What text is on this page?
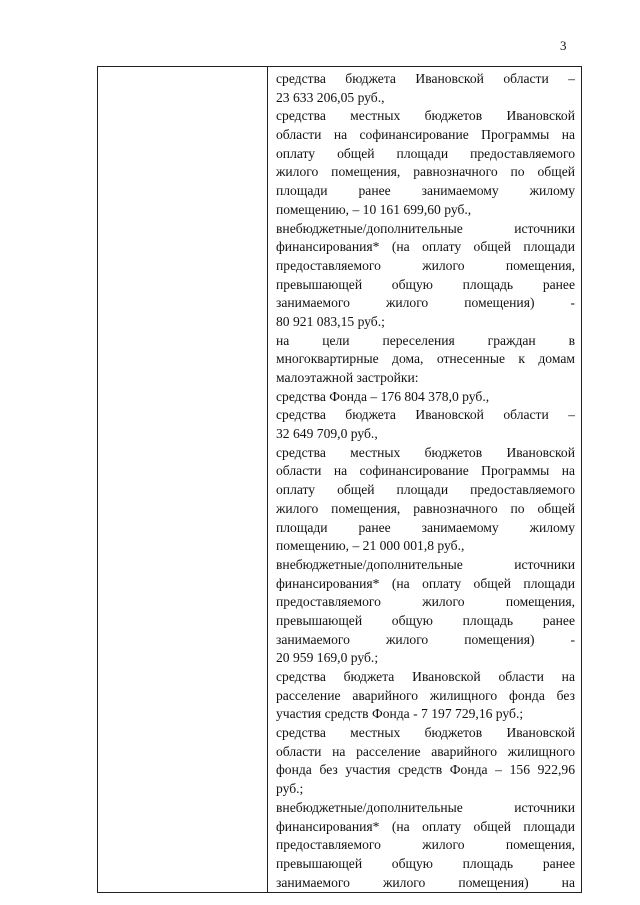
3

средства бюджета Ивановской области –
23 633 206,05 руб.,
средства местных бюджетов Ивановской
области на софинансирование Программы на
оплату общей площади предоставляемого
жилого помещения, равнозначного по общей
площади ранее занимаемому жилому
помещению, – 10 161 699,60 руб.,
внебюджетные/дополнительные источники
финансирования* (на оплату общей площади
предоставляемого жилого помещения,
превышающей общую площадь ранее
занимаемого жилого помещения) -
80 921 083,15 руб.;
на цели переселения граждан в
многоквартирные дома, отнесенные к домам
малоэтажной застройки:
средства Фонда – 176 804 378,0 руб.,
средства бюджета Ивановской области –
32 649 709,0 руб.,
средства местных бюджетов Ивановской
области на софинансирование Программы на
оплату общей площади предоставляемого
жилого помещения, равнозначного по общей
площади ранее занимаемому жилому
помещению, – 21 000 001,8 руб.,
внебюджетные/дополнительные источники
финансирования* (на оплату общей площади
предоставляемого жилого помещения,
превышающей общую площадь ранее
занимаемого жилого помещения) -
20 959 169,0 руб.;
средства бюджета Ивановской области на
расселение аварийного жилищного фонда без
участия средств Фонда - 7 197 729,16 руб.;
средства местных бюджетов Ивановской
области на расселение аварийного жилищного
фонда без участия средств Фонда – 156 922,96
руб.;
внебюджетные/дополнительные источники
финансирования* (на оплату общей площади
предоставляемого жилого помещения,
превышающей общую площадь ранее
занимаемого жилого помещения) на
